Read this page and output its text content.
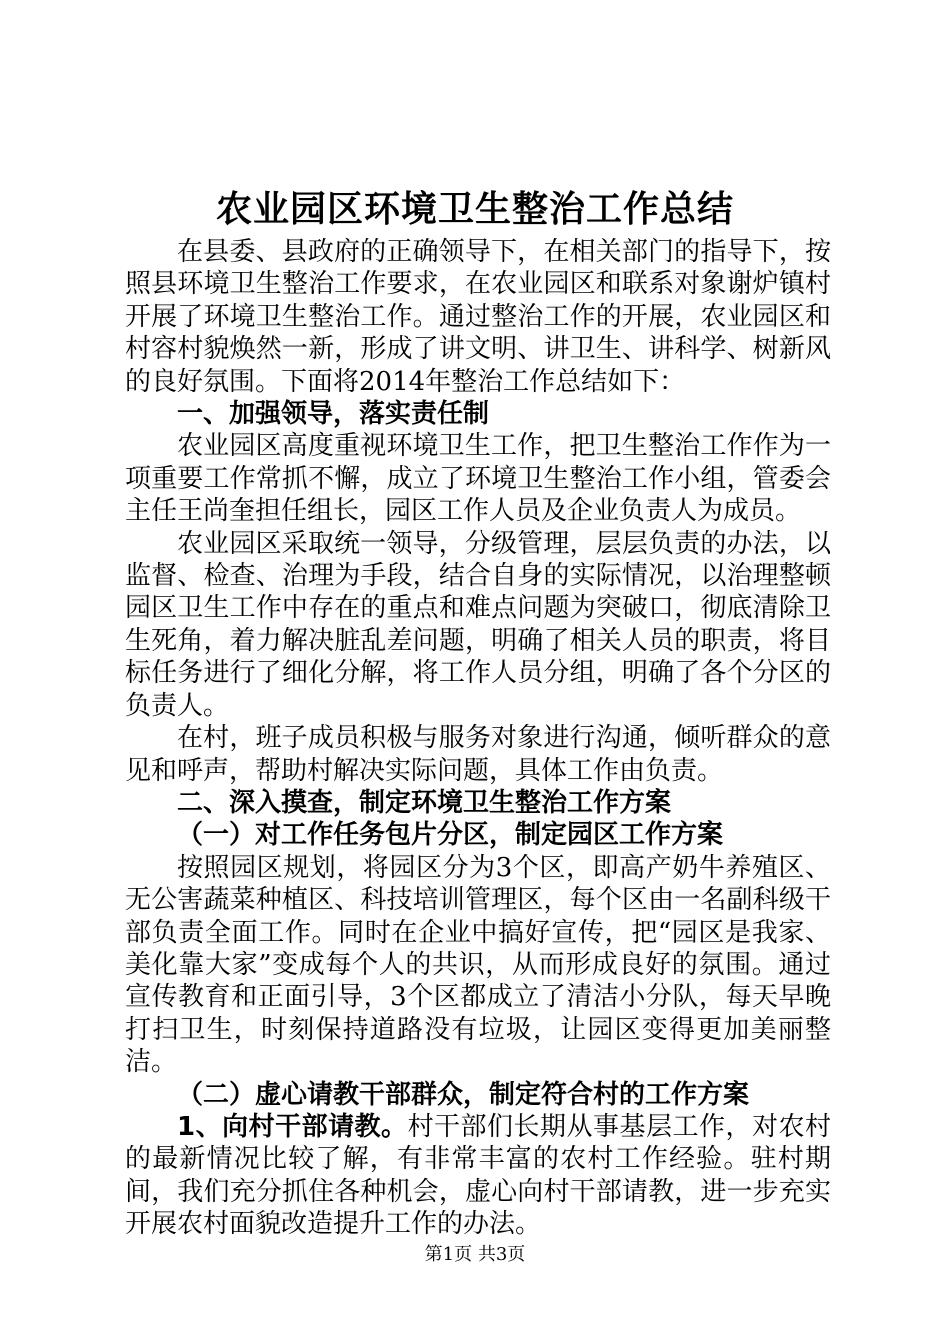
农业园区环境卫生整治工作总结

在县委、县政府的正确领导下，在相关部门的指导下，按照县环境卫生整治工作要求，在农业园区和联系对象谢炉镇村开展了环境卫生整治工作。通过整治工作的开展，农业园区和村容村貌焕然一新，形成了讲文明、讲卫生、讲科学、树新风的良好氛围。下面将2014年整治工作总结如下：

一、加强领导，落实责任制

农业园区高度重视环境卫生工作，把卫生整治工作作为一项重要工作常抓不懈，成立了环境卫生整治工作小组，管委会主任王尚奎担任组长，园区工作人员及企业负责人为成员。

农业园区采取统一领导，分级管理，层层负责的办法，以监督、检查、治理为手段，结合自身的实际情况，以治理整顿园区卫生工作中存在的重点和难点问题为突破口，彻底清除卫生死角，着力解决脏乱差问题，明确了相关人员的职责，将目标任务进行了细化分解，将工作人员分组，明确了各个分区的负责人。

在村，班子成员积极与服务对象进行沟通，倾听群众的意见和呼声，帮助村解决实际问题，具体工作由负责。

二、深入摸查，制定环境卫生整治工作方案

（一）对工作任务包片分区，制定园区工作方案

按照园区规划，将园区分为3个区，即高产奶牛养殖区、无公害蔬菜种植区、科技培训管理区，每个区由一名副科级干部负责全面工作。同时在企业中搞好宣传，把“园区是我家、美化靠大家”变成每个人的共识，从而形成良好的氛围。通过宣传教育和正面引导，3个区都成立了清洁小分队，每天早晚打扫卫生，时刻保持道路没有垃圾，让园区变得更加美丽整洁。

（二）虚心请教干部群众，制定符合村的工作方案

1、向村干部请教。村干部们长期从事基层工作，对农村的最新情况比较了解，有非常丰富的农村工作经验。驻村期间，我们充分抓住各种机会，虚心向村干部请教，进一步充实开展农村面貌改造提升工作的办法。

第1页 共3页
